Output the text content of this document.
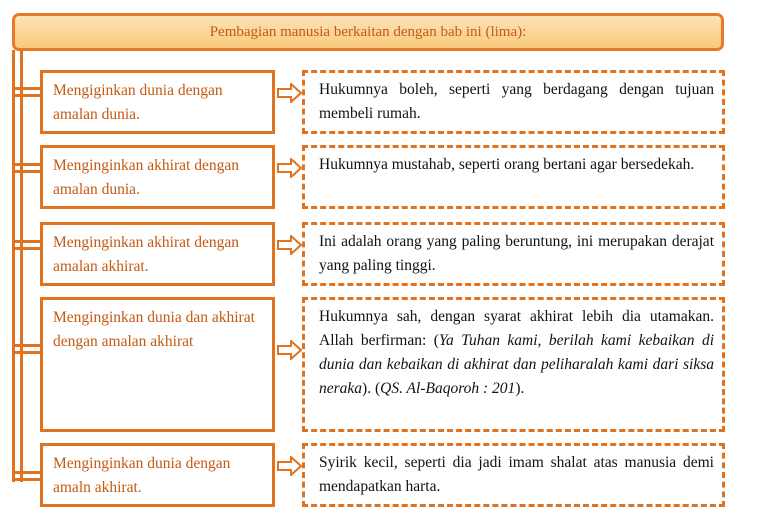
Pembagian manusia berkaitan dengan bab ini (lima):
Mengiginkan dunia dengan amalan dunia.
Hukumnya boleh, seperti yang berdagang dengan tujuan membeli rumah.
Menginginkan akhirat dengan amalan dunia.
Hukumnya mustahab, seperti orang bertani agar bersedekah.
Menginginkan akhirat dengan amalan akhirat.
Ini adalah orang yang paling beruntung, ini merupakan derajat yang paling tinggi.
Menginginkan dunia dan akhirat dengan amalan akhirat
Hukumnya sah, dengan syarat akhirat lebih dia utamakan. Allah berfirman: (Ya Tuhan kami, berilah kami kebaikan di dunia dan kebaikan di akhirat dan peliharalah kami dari siksa neraka). (QS. Al-Baqoroh : 201).
Menginginkan dunia dengan amaln akhirat.
Syirik kecil, seperti dia jadi imam shalat atas manusia demi mendapatkan harta.
